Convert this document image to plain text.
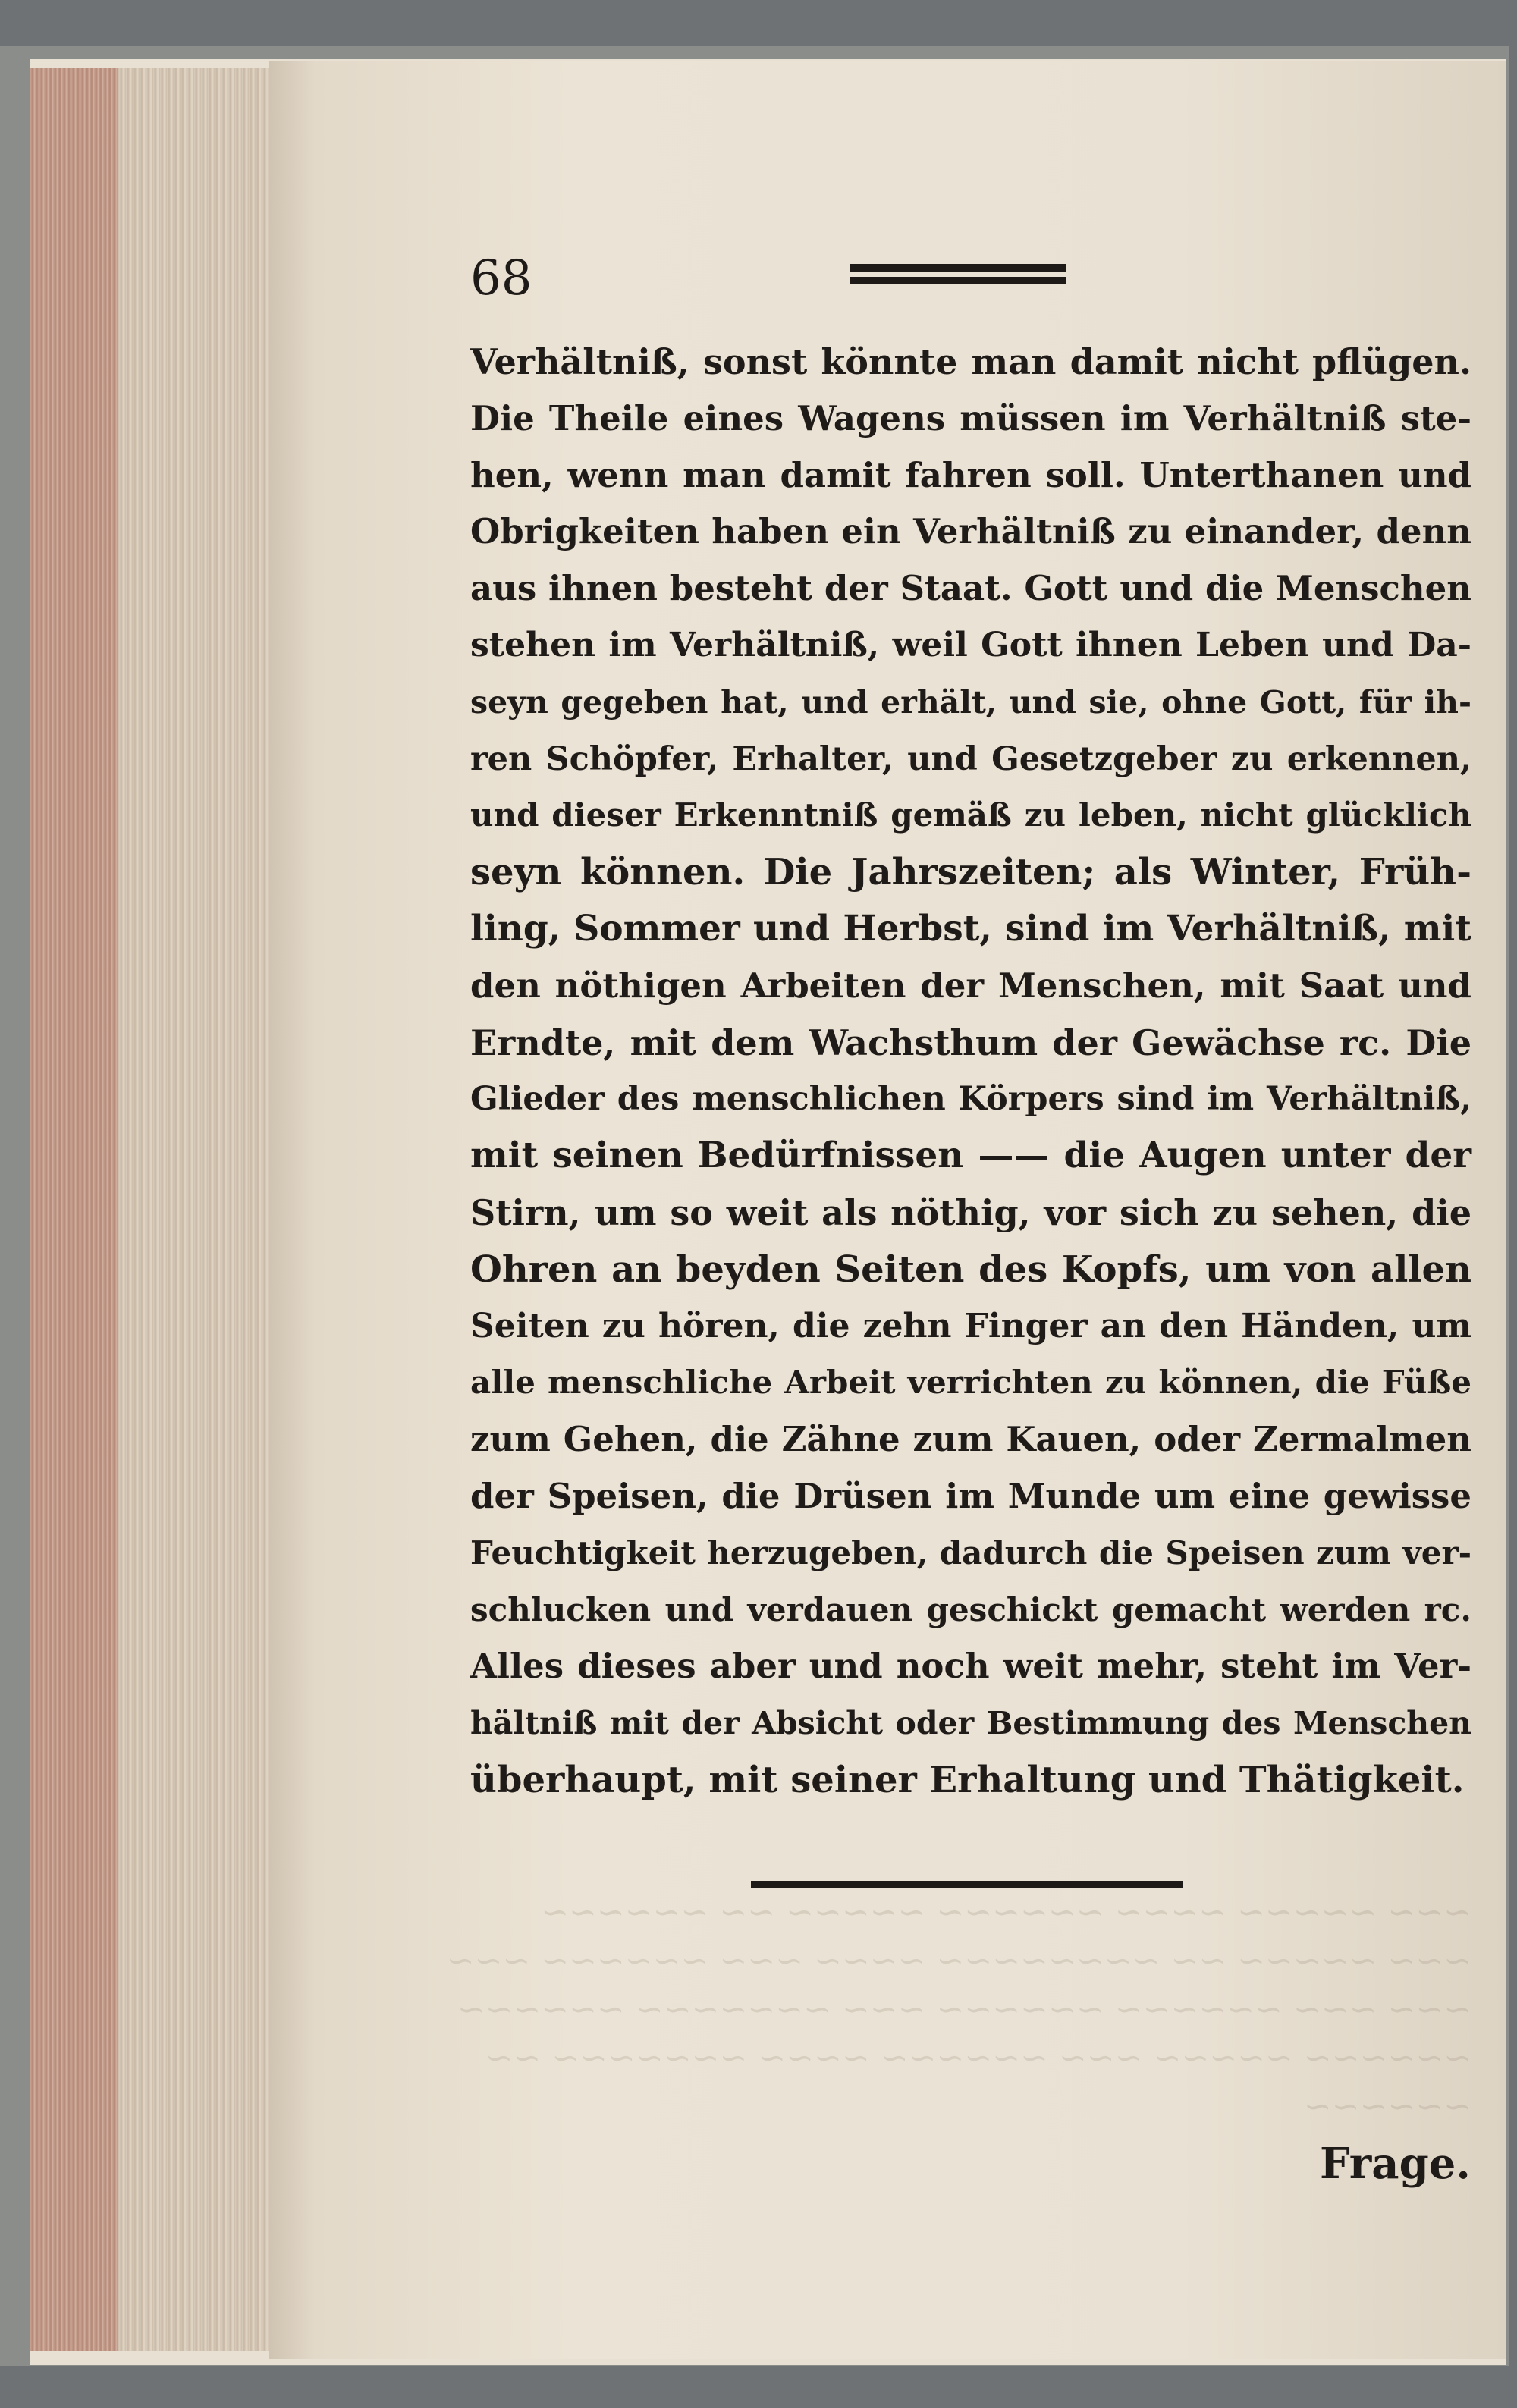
68
Verhältniß, sonst könnte man damit nicht pflügen.
Die Theile eines Wagens müssen im Verhältniß ste-
hen, wenn man damit fahren soll. Unterthanen und
Obrigkeiten haben ein Verhältniß zu einander, denn
aus ihnen besteht der Staat. Gott und die Menschen
stehen im Verhältniß, weil Gott ihnen Leben und Da-
seyn gegeben hat, und erhält, und sie, ohne Gott, für ih-
ren Schöpfer, Erhalter, und Gesetzgeber zu erkennen,
und dieser Erkenntniß gemäß zu leben, nicht glücklich
seyn können. Die Jahrszeiten; als Winter, Früh-
ling, Sommer und Herbst, sind im Verhältniß, mit
den nöthigen Arbeiten der Menschen, mit Saat und
Erndte, mit dem Wachsthum der Gewächse rc. Die
Glieder des menschlichen Körpers sind im Verhältniß,
mit seinen Bedürfnissen —— die Augen unter der
Stirn, um so weit als nöthig, vor sich zu sehen, die
Ohren an beyden Seiten des Kopfs, um von allen
Seiten zu hören, die zehn Finger an den Händen, um
alle menschliche Arbeit verrichten zu können, die Füße
zum Gehen, die Zähne zum Kauen, oder Zermalmen
der Speisen, die Drüsen im Munde um eine gewisse
Feuchtigkeit herzugeben, dadurch die Speisen zum ver-
schlucken und verdauen geschickt gemacht werden rc.
Alles dieses aber und noch weit mehr, steht im Ver-
hältniß mit der Absicht oder Bestimmung des Menschen
überhaupt, mit seiner Erhaltung und Thätigkeit.
Frage.
